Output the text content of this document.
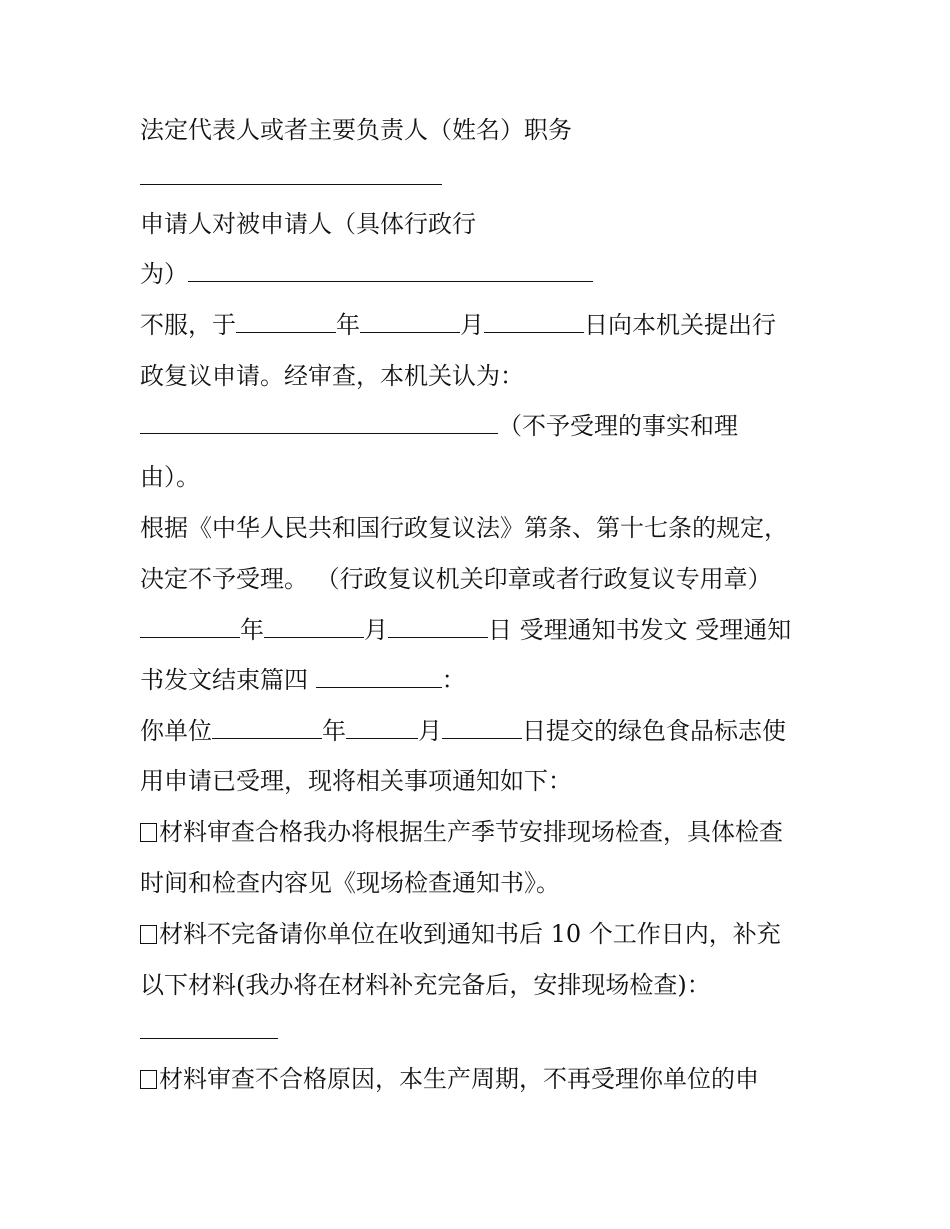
法定代表人或者主要负责人（姓名）职务
申请人对被申请人（具体行政行
为）
不服，于	年	月	日向本机关提出行
政复议申请。经审查，本机关认为：
（不予受理的事实和理
由）。
根据《中华人民共和国行政复议法》第条、第十七条的规定，
决定不予受理。 （行政复议机关印章或者行政复议专用章）
年	月	日 受理通知书发文 受理通知
书发文结束篇四	：
你单位	年	月	日提交的绿色食品标志使
用申请已受理，现将相关事项通知如下：
材料审查合格我办将根据生产季节安排现场检查，具体检查
时间和检查内容见《现场检查通知书》。
材料不完备请你单位在收到通知书后 10 个工作日内，补充
以下材料(我办将在材料补充完备后，安排现场检查)：
材料审查不合格原因，本生产周期，不再受理你单位的申
